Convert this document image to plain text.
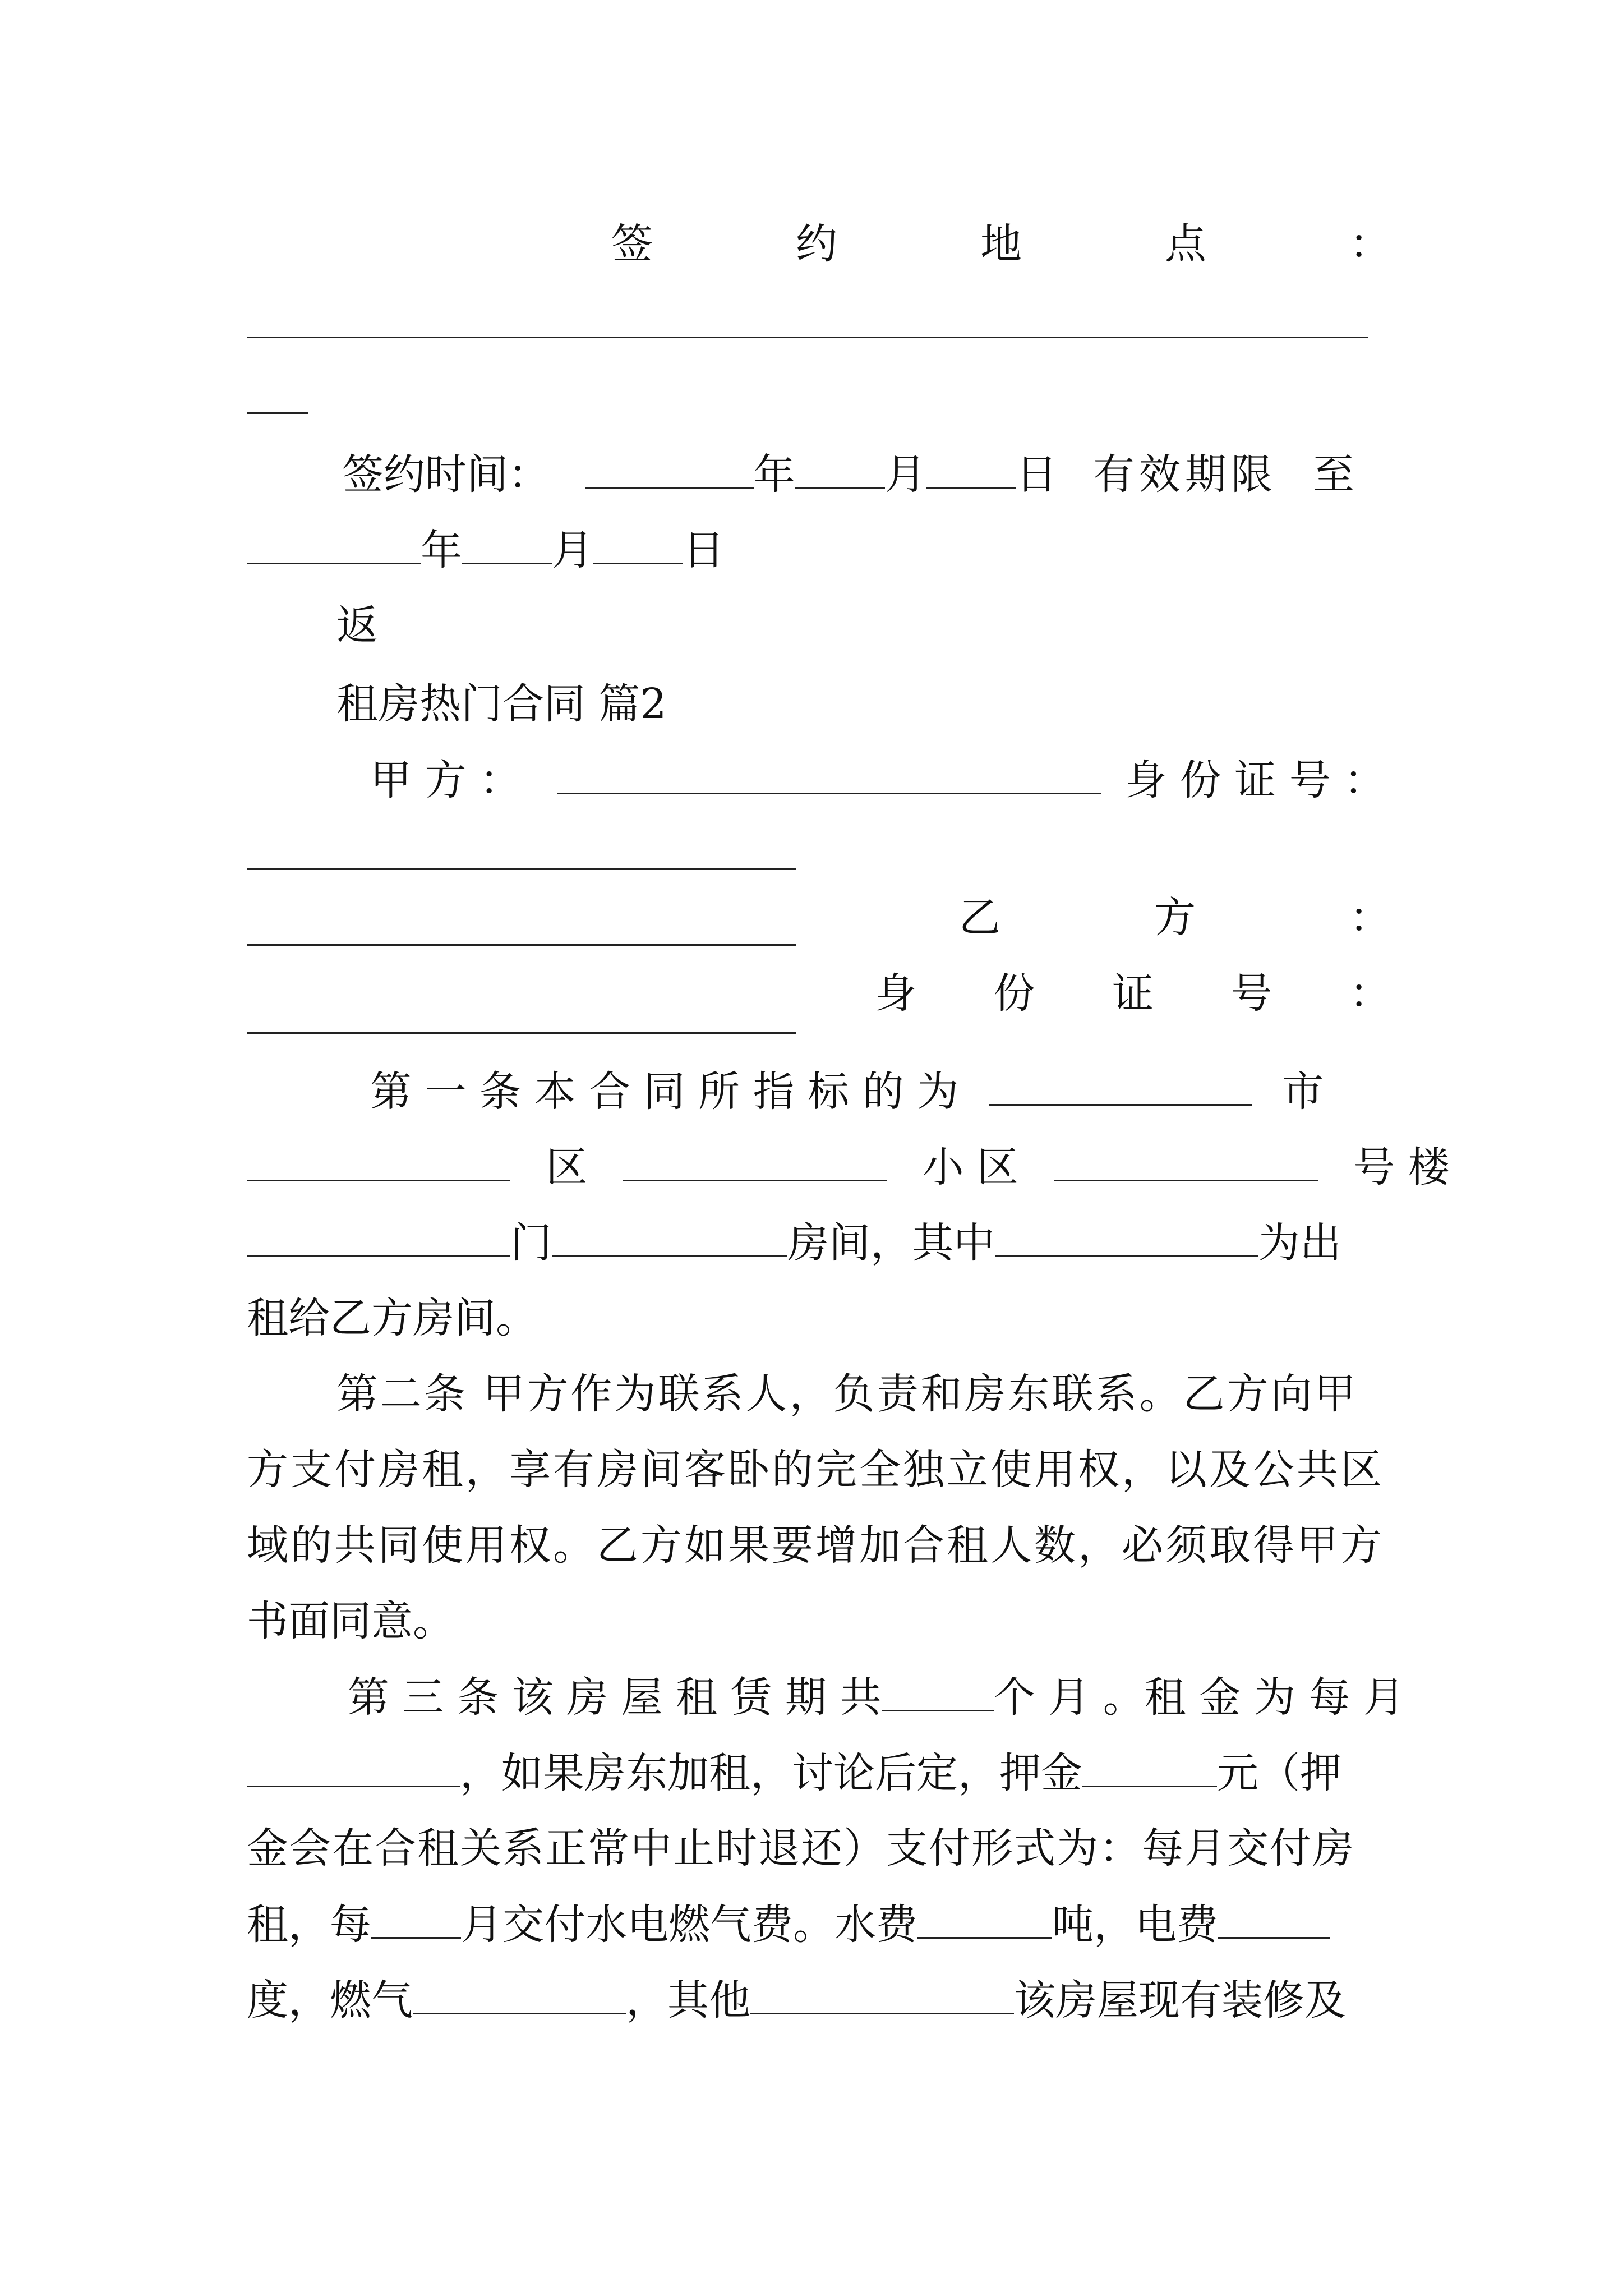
签	约	地	点	：
签约时间：	年 月 日 有效期限 至
年 月 日
返
租房热门合同 篇2
甲 方 ：	身 份 证 号 ：
乙	方	：
身 份 证 号 ：
第 一 条 本 合 同 所 指 标 的 为	市
区	小 区	号 楼
门	房间，其中	为出
租给乙方房间。
第二条 甲方作为联系人，负责和房东联系。乙方向甲
方支付房租，享有房间客卧的完全独立使用权，以及公共区
域的共同使用权。乙方如果要增加合租人数，必须取得甲方
书面同意。
第 三 条 该 房 屋 租 赁 期 共	个 月 。租 金 为 每 月
，如果房东加租，讨论后定，押金	元（押
金会在合租关系正常中止时退还）支付形式为：每月交付房
租，每 月交付水电燃气费。水费	吨，电费
度，燃气	，其他	该房屋现有装修及
